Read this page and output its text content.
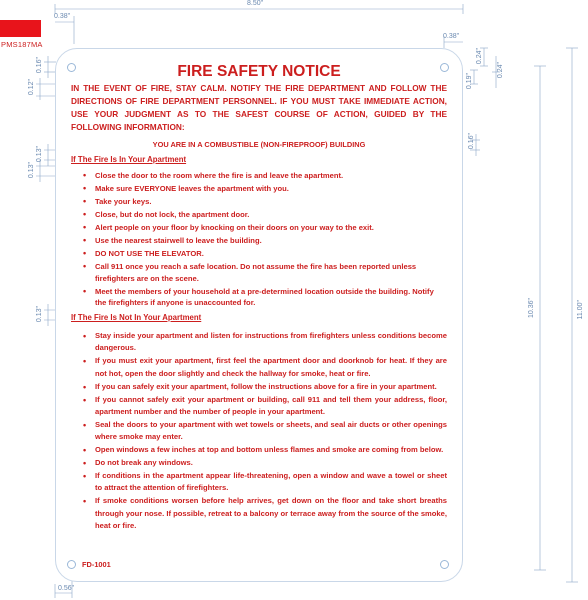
PMS187MA
8.50"
0.38"
0.38"
11.00"
10.36"
0.24"
0.24"
0.19"
0.16"
0.16"
0.12"
0.13"
0.13"
0.13"
0.56"
FIRE SAFETY NOTICE
IN THE EVENT OF FIRE, STAY CALM. NOTIFY THE FIRE DEPARTMENT AND FOLLOW THE DIRECTIONS OF FIRE DEPARTMENT PERSONNEL. IF YOU MUST TAKE IMMEDIATE ACTION, USE YOUR JUDGMENT AS TO THE SAFEST COURSE OF ACTION, GUIDED BY THE FOLLOWING INFORMATION:
YOU ARE IN A COMBUSTIBLE (NON-FIREPROOF) BUILDING
If The Fire Is In Your Apartment
• Close the door to the room where the fire is and leave the apartment.
• Make sure EVERYONE leaves the apartment with you.
• Take your keys.
• Close, but do not lock, the apartment door.
• Alert people on your floor by knocking on their doors on your way to the exit.
• Use the nearest stairwell to leave the building.
• DO NOT USE THE ELEVATOR.
• Call 911 once you reach a safe location. Do not assume the fire has been reported unless firefighters are on the scene.
• Meet the members of your household at a pre-determined location outside the building. Notify the firefighters if anyone is unaccounted for.
If The Fire Is Not In Your Apartment
• Stay inside your apartment and listen for instructions from firefighters unless conditions become dangerous.
• If you must exit your apartment, first feel the apartment door and doorknob for heat. If they are not hot, open the door slightly and check the hallway for smoke, heat or fire.
• If you can safely exit your apartment, follow the instructions above for a fire in your apartment.
• If you cannot safely exit your apartment or building, call 911 and tell them your address, floor, apartment number and the number of people in your apartment.
• Seal the doors to your apartment with wet towels or sheets, and seal air ducts or other openings where smoke may enter.
• Open windows a few inches at top and bottom unless flames and smoke are coming from below.
• Do not break any windows.
• If conditions in the apartment appear life-threatening, open a window and wave a towel or sheet to attract the attention of firefighters.
• If smoke conditions worsen before help arrives, get down on the floor and take short breaths through your nose. If possible, retreat to a balcony or terrace away from the source of the smoke, heat or fire.
FD-1001
